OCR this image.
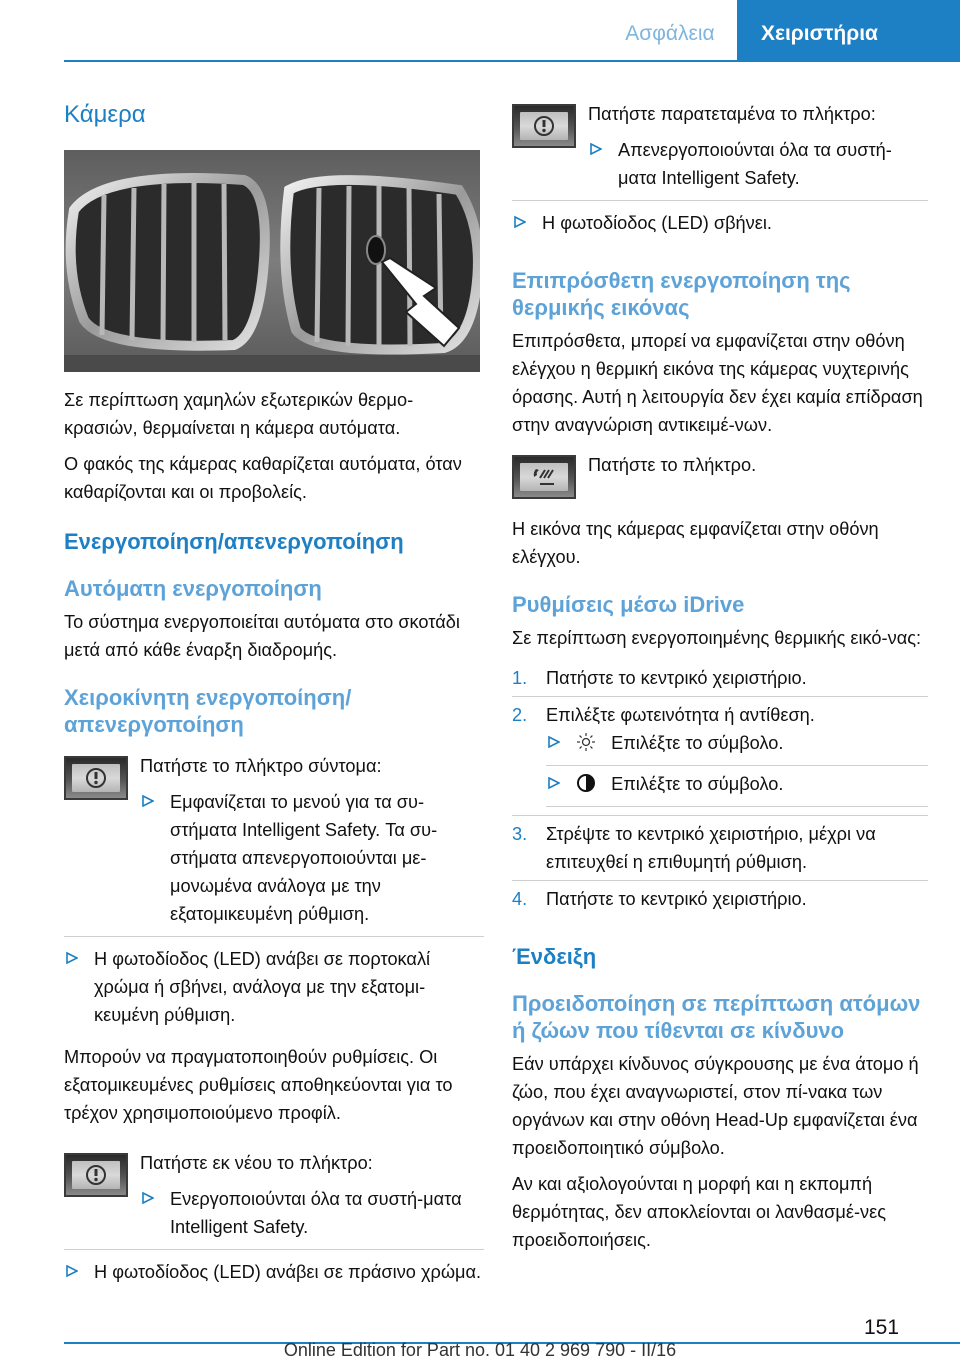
Ασφάλεια	Χειριστήρια
Κάμερα
Σε περίπτωση χαμηλών εξωτερικών θερμο‐κρασιών, θερμαίνεται η κάμερα αυτόματα.
Ο φακός της κάμερας καθαρίζεται αυτόματα, όταν καθαρίζονται και οι προβολείς.
Ενεργοποίηση/απενεργοποίηση
Αυτόματη ενεργοποίηση
Το σύστημα ενεργοποιείται αυτόματα στο σκοτάδι μετά από κάθε έναρξη διαδρομής.
Χειροκίνητη ενεργοποίηση/απενεργοποίηση
Πατήστε το πλήκτρο σύντομα:
Εμφανίζεται το μενού για τα συ‐στήματα Intelligent Safety. Τα συ‐στήματα απενεργοποιούνται με‐μονωμένα ανάλογα με την εξατομικευμένη ρύθμιση.
Η φωτοδίοδος (LED) ανάβει σε πορτοκαλί χρώμα ή σβήνει, ανάλογα με την εξατομι‐κευμένη ρύθμιση.
Μπορούν να πραγματοποιηθούν ρυθμίσεις. Οι εξατομικευμένες ρυθμίσεις αποθηκεύονται για το τρέχον χρησιμοποιούμενο προφίλ.
Πατήστε εκ νέου το πλήκτρο:
Ενεργοποιούνται όλα τα συστή‐ματα Intelligent Safety.
Η φωτοδίοδος (LED) ανάβει σε πράσινο χρώμα.
Πατήστε παρατεταμένα το πλήκτρο:
Απενεργοποιούνται όλα τα συστή‐ματα Intelligent Safety.
Η φωτοδίοδος (LED) σβήνει.
Επιπρόσθετη ενεργοποίηση της θερμικής εικόνας
Επιπρόσθετα, μπορεί να εμφανίζεται στην οθόνη ελέγχου η θερμική εικόνα της κάμερας νυχτερινής όρασης. Αυτή η λειτουργία δεν έχει καμία επίδραση στην αναγνώριση αντικειμέ‐νων.
Πατήστε το πλήκτρο.
Η εικόνα της κάμερας εμφανίζεται στην οθόνη ελέγχου.
Ρυθμίσεις μέσω iDrive
Σε περίπτωση ενεργοποιημένης θερμικής εικό‐νας:
1. Πατήστε το κεντρικό χειριστήριο.
2. Επιλέξτε φωτεινότητα ή αντίθεση.
Επιλέξτε το σύμβολο.
Επιλέξτε το σύμβολο.
3. Στρέψτε το κεντρικό χειριστήριο, μέχρι να επιτευχθεί η επιθυμητή ρύθμιση.
4. Πατήστε το κεντρικό χειριστήριο.
Ένδειξη
Προειδοποίηση σε περίπτωση ατόμων ή ζώων που τίθενται σε κίνδυνο
Εάν υπάρχει κίνδυνος σύγκρουσης με ένα άτομο ή ζώο, που έχει αναγνωριστεί, στον πί‐νακα των οργάνων και στην οθόνη Head-Up εμφανίζεται ένα προειδοποιητικό σύμβολο.
Αν και αξιολογούνται η μορφή και η εκπομπή θερμότητας, δεν αποκλείονται οι λανθασμέ‐νες προειδοποιήσεις.
151
Online Edition for Part no. 01 40 2 969 790 - II/16
